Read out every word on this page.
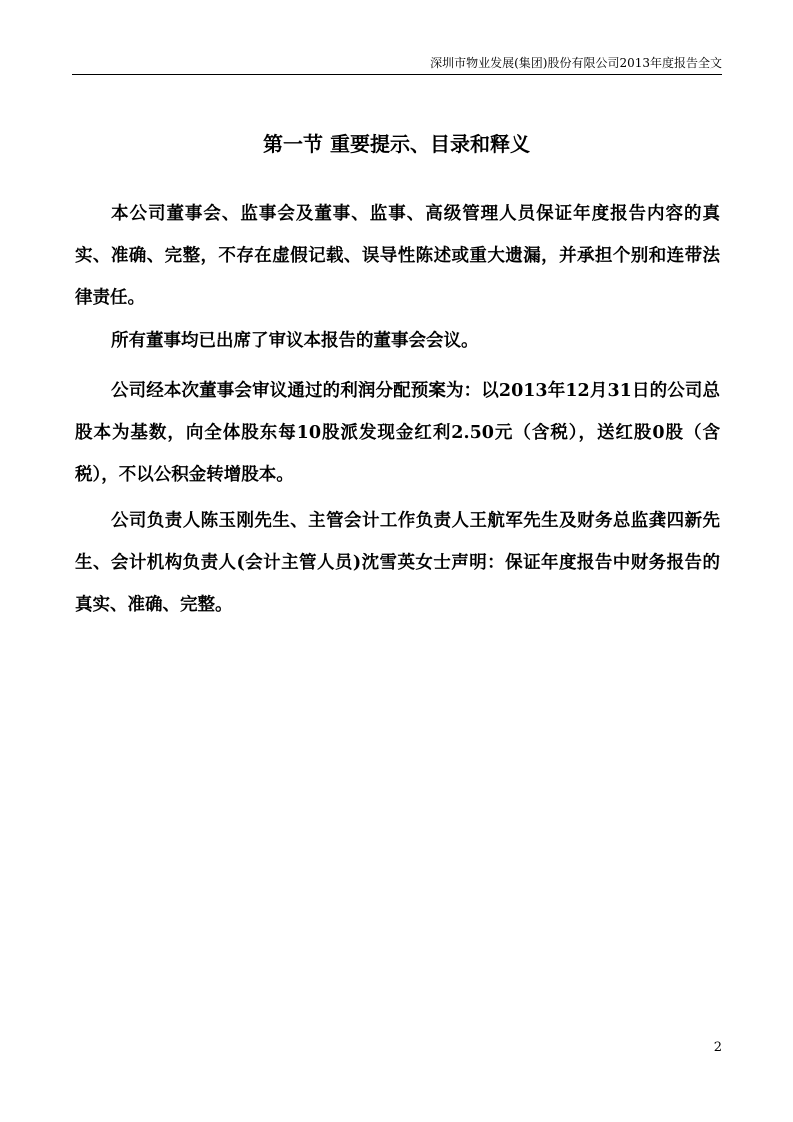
深圳市物业发展(集团)股份有限公司2013年度报告全文
第一节 重要提示、目录和释义

本公司董事会、监事会及董事、监事、高级管理人员保证年度报告内容的真实、准确、完整，不存在虚假记载、误导性陈述或重大遗漏，并承担个别和连带法律责任。

所有董事均已出席了审议本报告的董事会会议。

公司经本次董事会审议通过的利润分配预案为：以2013年12月31日的公司总股本为基数，向全体股东每10股派发现金红利2.50元（含税），送红股0股（含税），不以公积金转增股本。

公司负责人陈玉刚先生、主管会计工作负责人王航军先生及财务总监龚四新先生、会计机构负责人(会计主管人员)沈雪英女士声明：保证年度报告中财务报告的真实、准确、完整。

2
